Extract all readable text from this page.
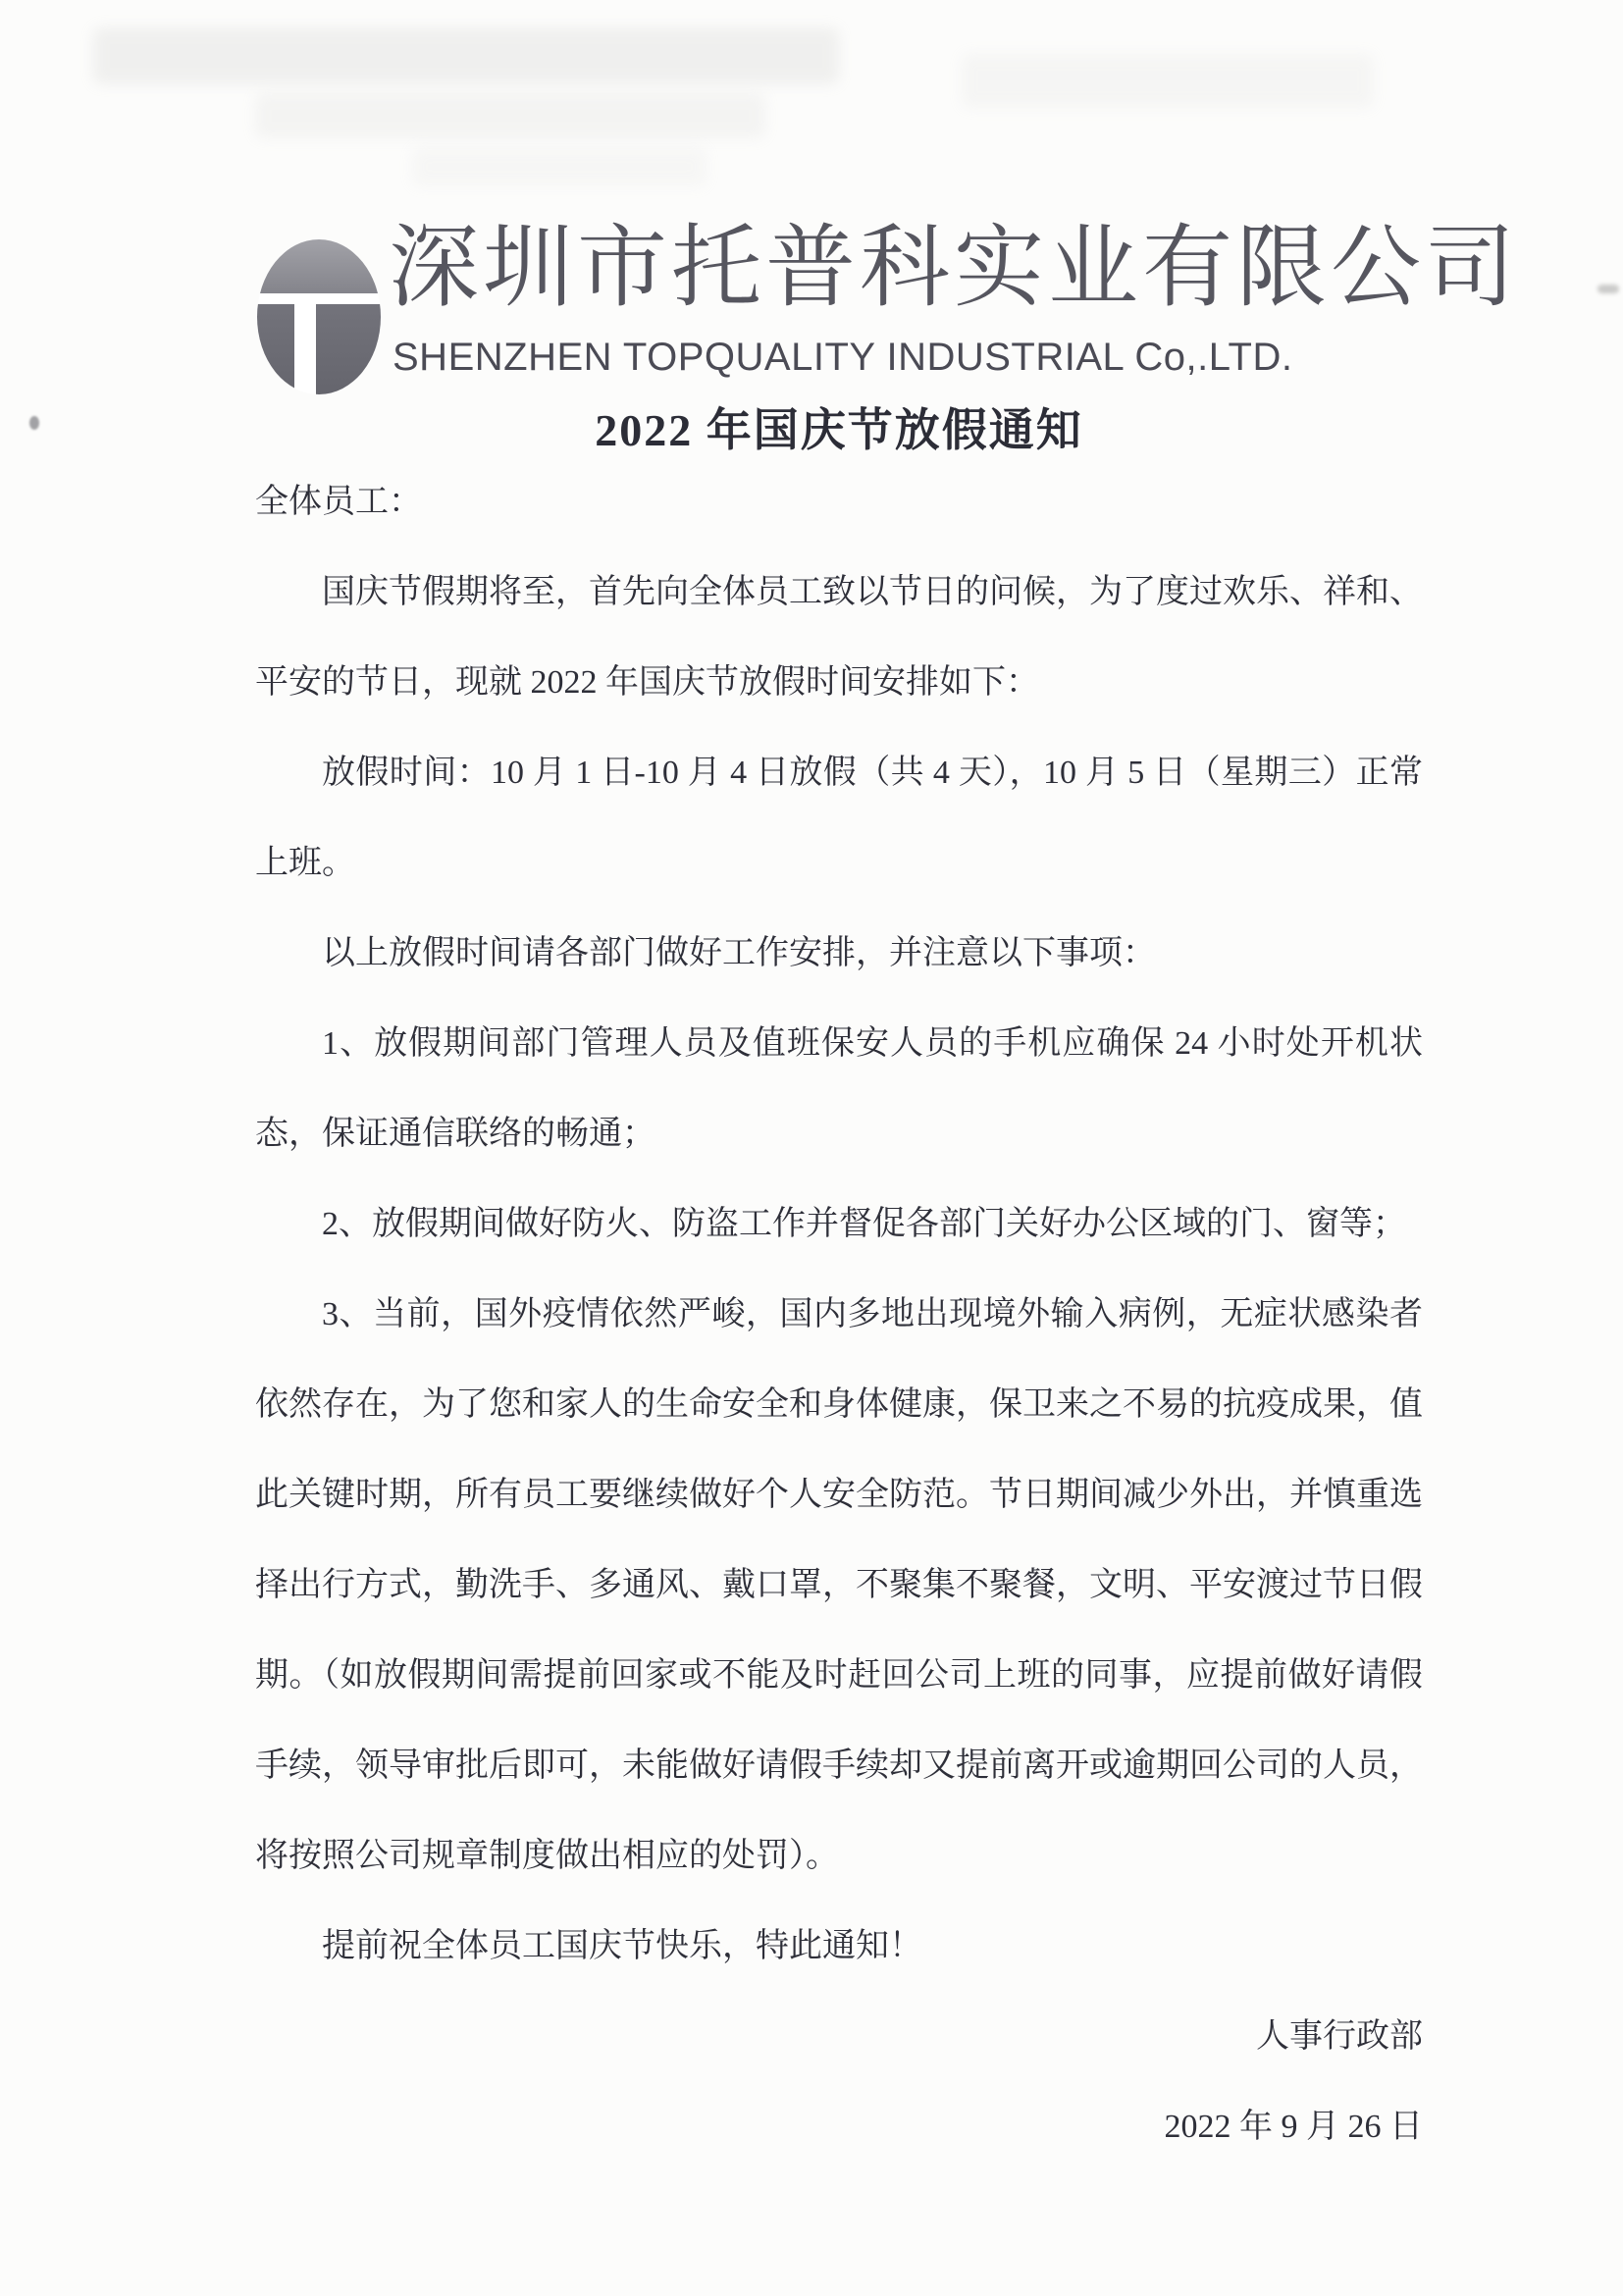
深圳市托普科实业有限公司
SHENZHEN TOPQUALITY INDUSTRIAL Co,.LTD.
2022 年国庆节放假通知

全体员工：

国庆节假期将至，首先向全体员工致以节日的问候，为了度过欢乐、祥和、平安的节日，现就 2022 年国庆节放假时间安排如下：

放假时间：10 月 1 日-10 月 4 日放假（共 4 天），10 月 5 日（星期三）正常上班。

以上放假时间请各部门做好工作安排，并注意以下事项：

1、放假期间部门管理人员及值班保安人员的手机应确保 24 小时处开机状态，保证通信联络的畅通；

2、放假期间做好防火、防盗工作并督促各部门关好办公区域的门、窗等；

3、当前，国外疫情依然严峻，国内多地出现境外输入病例，无症状感染者依然存在，为了您和家人的生命安全和身体健康，保卫来之不易的抗疫成果，值此关键时期，所有员工要继续做好个人安全防范。节日期间减少外出，并慎重选择出行方式，勤洗手、多通风、戴口罩，不聚集不聚餐，文明、平安渡过节日假期。（如放假期间需提前回家或不能及时赶回公司上班的同事，应提前做好请假手续，领导审批后即可，未能做好请假手续却又提前离开或逾期回公司的人员，将按照公司规章制度做出相应的处罚）。

提前祝全体员工国庆节快乐，特此通知！

人事行政部

2022 年 9 月 26 日
